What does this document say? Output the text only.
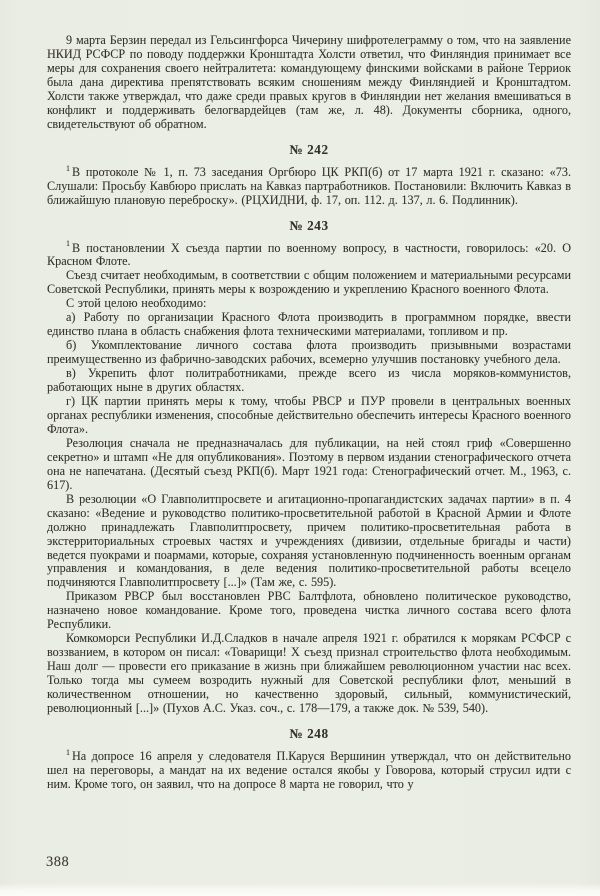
9 марта Берзин передал из Гельсингфорса Чичерину шифротелеграмму о том, что на заявление НКИД РСФСР по поводу поддержки Кронштадта Холсти ответил, что Финляндия принимает все меры для сохранения своего нейтралитета: командующему финскими войсками в районе Терриок была дана директива препятствовать всяким сношениям между Финляндией и Кронштадтом. Холсти также утверждал, что даже среди правых кругов в Финляндии нет желания вмешиваться в конфликт и поддерживать белогвардейцев (там же, л. 48). Документы сборника, одного, свидетельствуют об обратном.

№ 242

$^1$ В протоколе № 1, п. 73 заседания Оргбюро ЦК РКП(б) от 17 марта 1921 г. сказано: «73. Слушали: Просьбу Кавбюро прислать на Кавказ партработников. Постановили: Включить Кавказ в ближайшую плановую переброску». (РЦХИДНИ, ф. 17, оп. 112. д. 137, л. 6. Подлинник).

№ 243

$^1$ В постановлении X съезда партии по военному вопросу, в частности, говорилось: «20. О Красном Флоте.

Съезд считает необходимым, в соответствии с общим положением и материальными ресурсами Советской Республики, принять меры к возрождению и укреплению Красного военного Флота.

С этой целою необходимо:

а) Работу по организации Красного Флота производить в программном порядке, ввести единство плана в область снабжения флота техническими материалами, топливом и пр.

б) Укомплектование личного состава флота производить призывными возрастами преимущественно из фабрично-заводских рабочих, всемерно улучшив постановку учебного дела.

в) Укрепить флот политработниками, прежде всего из числа моряков-коммунистов, работающих ныне в других областях.

г) ЦК партии принять меры к тому, чтобы РВСР и ПУР провели в центральных военных органах республики изменения, способные действительно обеспечить интересы Красного военного Флота».

Резолюция сначала не предназначалась для публикации, на ней стоял гриф «Совершенно секретно» и штамп «Не для опубликования». Поэтому в первом издании стенографического отчета она не напечатана. (Десятый съезд РКП(б). Март 1921 года: Стенографический отчет. М., 1963, с. 617).

В резолюции «О Главполитпросвете и агитационно-пропагандистских задачах партии» в п. 4 сказано: «Ведение и руководство политико-просветительной работой в Красной Армии и Флоте должно принадлежать Главполитпросвету, причем политико-просветительная работа в экстерриториальных строевых частях и учреждениях (дивизии, отдельные бригады и части) ведется пуокрами и поармами, которые, сохраняя установленную подчиненность военным органам управления и командования, в деле ведения политико-просветительной работы всецело подчиняются Главполитпросвету [...]» (Там же, с. 595).

Приказом РВСР был восстановлен РВС Балтфлота, обновлено политическое руководство, назначено новое командование. Кроме того, проведена чистка личного состава всего флота Республики.

Комкоморси Республики И.Д.Сладков в начале апреля 1921 г. обратился к морякам РСФСР с воззванием, в котором он писал: «Товарищи! X съезд признал строительство флота необходимым. Наш долг — провести его приказание в жизнь при ближайшем революционном участии нас всех. Только тогда мы сумеем возродить нужный для Советской республики флот, меньший в количественном отношении, но качественно здоровый, сильный, коммунистический, революционный [...]» (Пухов А.С. Указ. соч., с. 178—179, а также док. № 539, 540).

№ 248

$^1$ На допросе 16 апреля у следователя П.Каруся Вершинин утверждал, что он действительно шел на переговоры, а мандат на их ведение остался якобы у Говорова, который струсил идти с ним. Кроме того, он заявил, что на допросе 8 марта не говорил, что у

388
